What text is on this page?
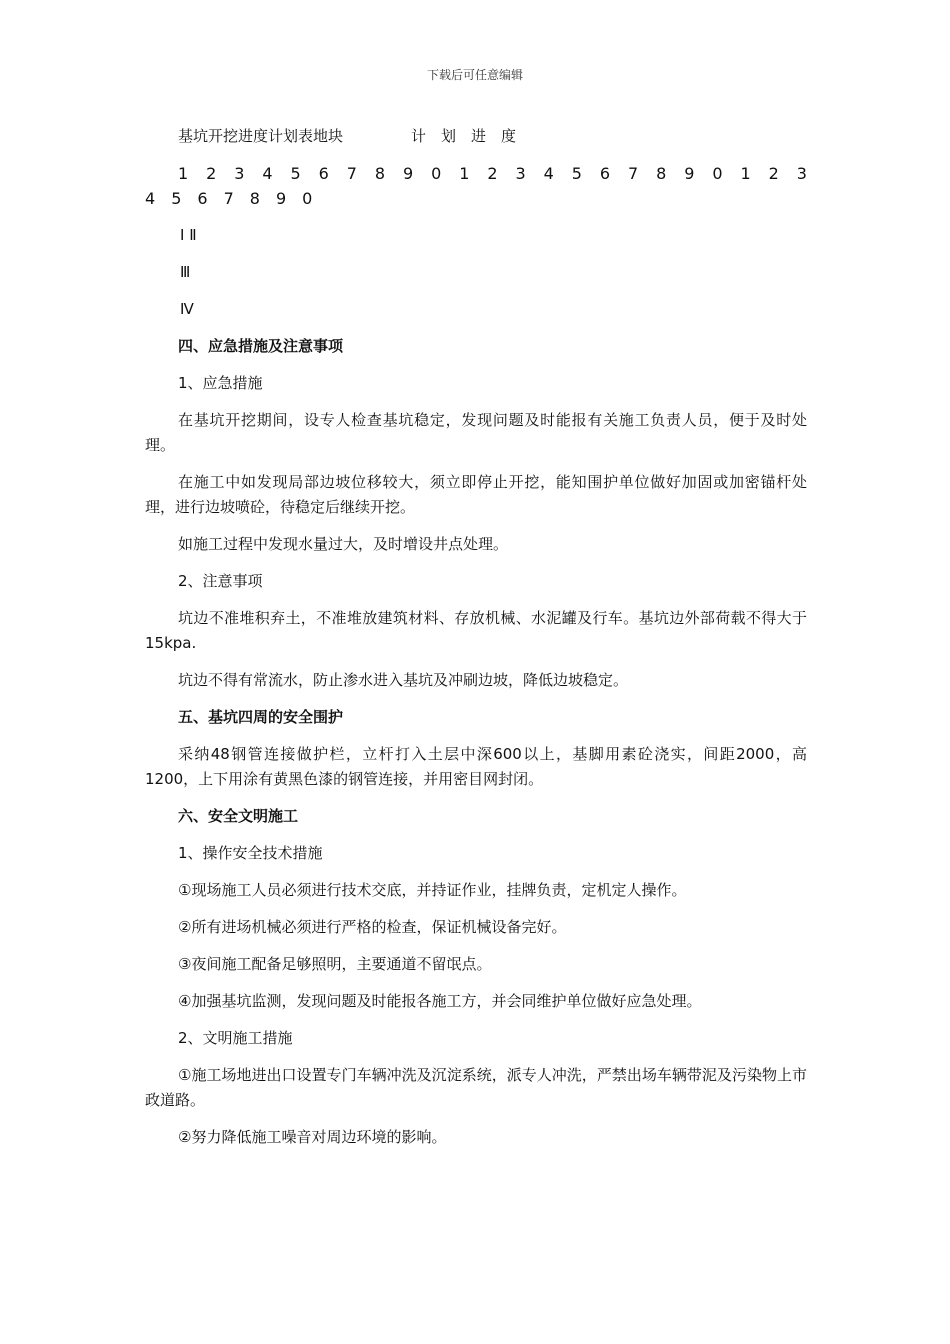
下载后可任意编辑

基坑开挖进度计划表地块	计　划　进　度

1 2 3 4 5 6 7 8 9 0 1 2 3 4 5 6 7 8 9 0 1 2 3
4 5 6 7 8 9 0

Ⅰ Ⅱ

Ⅲ

Ⅳ

四、应急措施及注意事项

1、应急措施

在基坑开挖期间，设专人检查基坑稳定，发现问题及时能报有关施工负责人员，便于及时处理。

在施工中如发现局部边坡位移较大，须立即停止开挖，能知围护单位做好加固或加密锚杆处理，进行边坡喷砼，待稳定后继续开挖。

如施工过程中发现水量过大，及时增设井点处理。

2、注意事项

坑边不准堆积弃土，不准堆放建筑材料、存放机械、水泥罐及行车。基坑边外部荷载不得大于15kpa.

坑边不得有常流水，防止渗水进入基坑及冲刷边坡，降低边坡稳定。

五、基坑四周的安全围护

采纳48钢管连接做护栏，立杆打入土层中深600以上，基脚用素砼浇实，间距2000，高1200，上下用涂有黄黑色漆的钢管连接，并用密目网封闭。

六、安全文明施工

1、操作安全技术措施

①现场施工人员必须进行技术交底，并持证作业，挂牌负责，定机定人操作。

②所有进场机械必须进行严格的检查，保证机械设备完好。

③夜间施工配备足够照明，主要通道不留氓点。

④加强基坑监测，发现问题及时能报各施工方，并会同维护单位做好应急处理。

2、文明施工措施

①施工场地进出口设置专门车辆冲洗及沉淀系统，派专人冲洗，严禁出场车辆带泥及污染物上市政道路。

②努力降低施工噪音对周边环境的影响。
